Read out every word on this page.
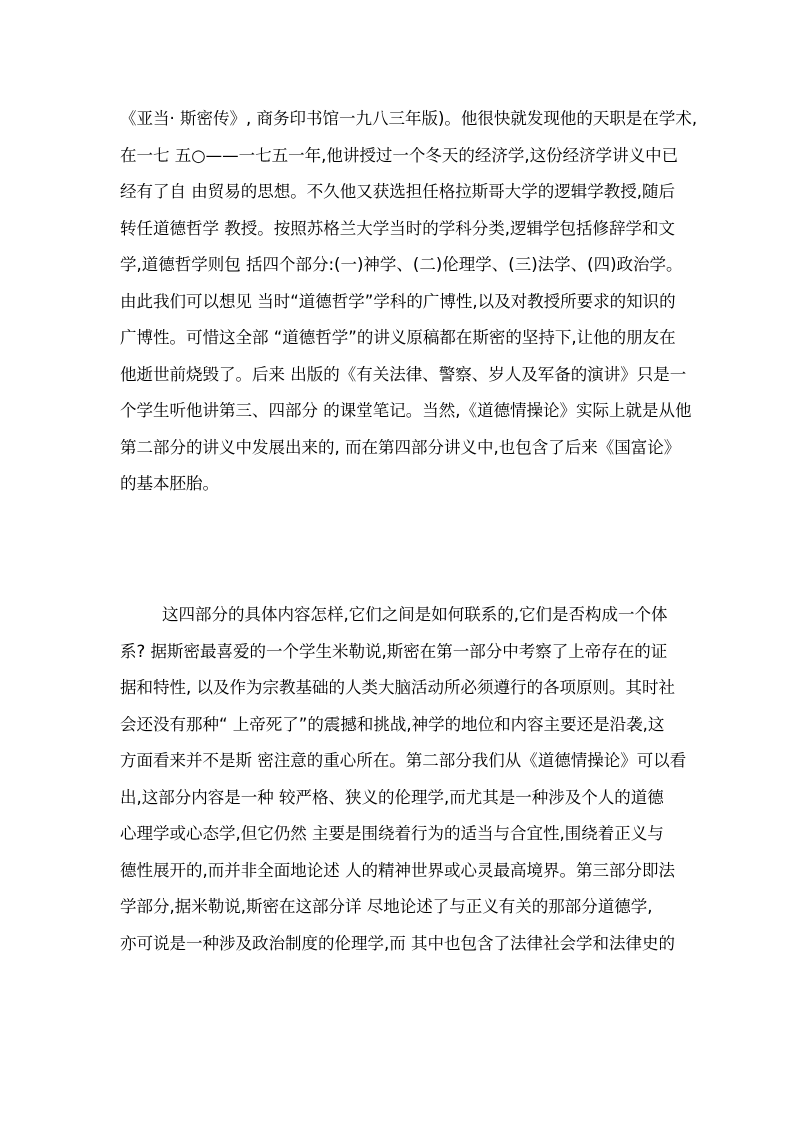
《亚当· 斯密传》, 商务印书馆一九八三年版)。他很快就发现他的天职是在学术,
在一七 五○——一七五一年,他讲授过一个冬天的经济学,这份经济学讲义中已
经有了自 由贸易的思想。不久他又获选担任格拉斯哥大学的逻辑学教授,随后
转任道德哲学 教授。按照苏格兰大学当时的学科分类,逻辑学包括修辞学和文
学,道德哲学则包 括四个部分:(一)神学、(二)伦理学、(三)法学、(四)政治学。
由此我们可以想见 当时“道德哲学”学科的广博性,以及对教授所要求的知识的
广博性。可惜这全部 “道德哲学”的讲义原稿都在斯密的坚持下,让他的朋友在
他逝世前烧毁了。后来 出版的《有关法律、警察、岁人及军备的演讲》只是一
个学生听他讲第三、四部分 的课堂笔记。当然,《道德情操论》实际上就是从他
第二部分的讲义中发展出来的, 而在第四部分讲义中,也包含了后来《国富论》
的基本胚胎。
这四部分的具体内容怎样,它们之间是如何联系的,它们是否构成一个体
系? 据斯密最喜爱的一个学生米勒说,斯密在第一部分中考察了上帝存在的证
据和特性, 以及作为宗教基础的人类大脑活动所必须遵行的各项原则。其时社
会还没有那种“ 上帝死了”的震撼和挑战,神学的地位和内容主要还是沿袭,这
方面看来并不是斯 密注意的重心所在。第二部分我们从《道德情操论》可以看
出,这部分内容是一种 较严格、狭义的伦理学,而尤其是一种涉及个人的道德
心理学或心态学,但它仍然 主要是围绕着行为的适当与合宜性,围绕着正义与
德性展开的,而并非全面地论述 人的精神世界或心灵最高境界。第三部分即法
学部分,据米勒说,斯密在这部分详 尽地论述了与正义有关的那部分道德学,
亦可说是一种涉及政治制度的伦理学,而 其中也包含了法律社会学和法律史的
